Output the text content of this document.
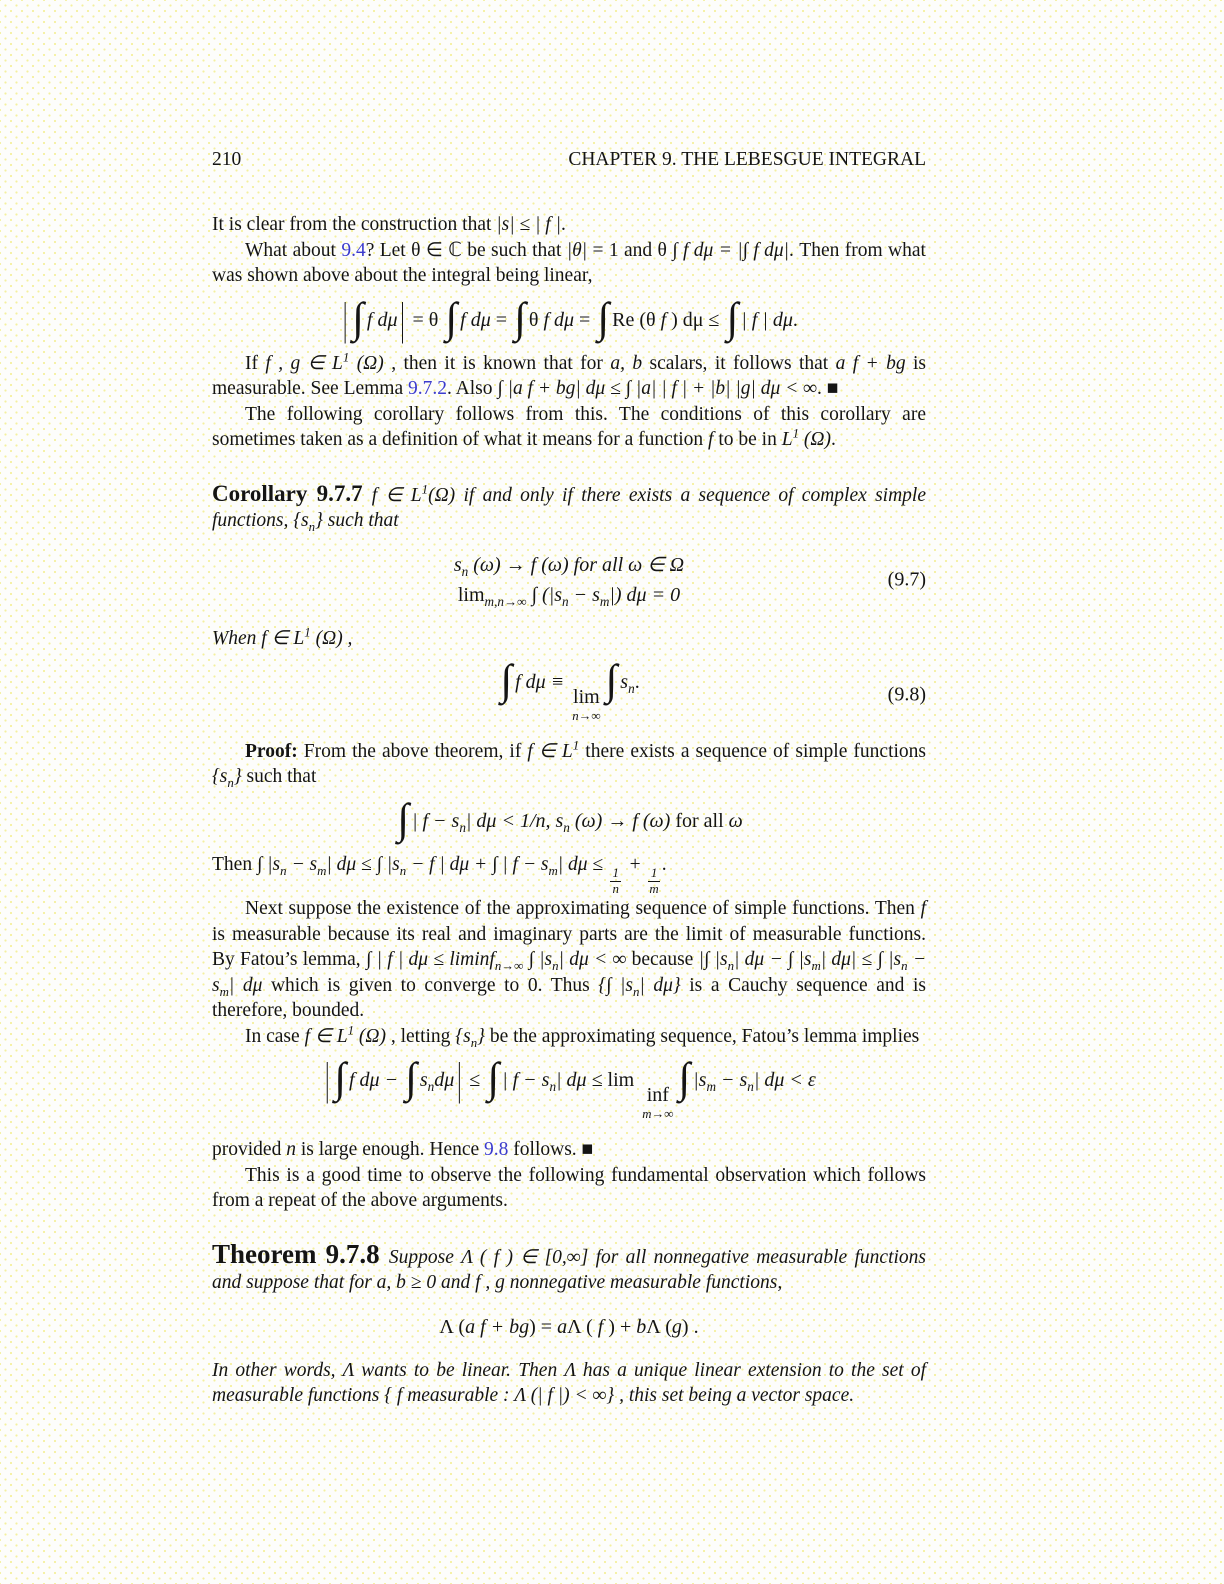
210	CHAPTER 9. THE LEBESGUE INTEGRAL
It is clear from the construction that |s| ≤ | f |.
What about 9.4? Let θ ∈ ℂ be such that |θ| = 1 and θ ∫ f dμ = |∫ f dμ|. Then from what was shown above about the integral being linear,
| ∫ f dμ | = θ ∫ f dμ = ∫ θ f dμ = ∫ Re (θ f ) dμ ≤ ∫ | f | dμ.
If f , g ∈ $L^1$ (Ω) , then it is known that for a, b scalars, it follows that a f + bg is measurable. See Lemma 9.7.2. Also ∫ |a f + bg| dμ ≤ ∫ |a| | f | + |b| |g| dμ < ∞. ■
The following corollary follows from this. The conditions of this corollary are sometimes taken as a definition of what it means for a function f to be in $L^1$ (Ω).
Corollary 9.7.7 f ∈ $L^1(\Omega)$ if and only if there exists a sequence of complex simple functions, $\{s_n\}$ such that
$s_n$ (ω) → f (ω) for all ω ∈ Ω
$\lim_{m,n\to\infty}$ ∫ $(|s_n - s_m|) d\mu = 0$
(9.7)
When f ∈ $L^1$ (Ω) ,
∫ f dμ ≡
lim
n→∞
∫ $s_n$.
(9.8)
Proof: From the above theorem, if f ∈ $L^1$ there exists a sequence of simple functions $\{s_n\}$ such that
∫ | $f - s_n|$ dμ < 1/n, $s_n$ (ω) → f (ω) for all ω
Then ∫ $|s_n - s_m|$ dμ ≤ ∫ $|s_n - f$ | dμ + ∫ | $f - s_m|$ dμ ≤
$\frac{1}{n}$
+
$\frac{1}{m}$
.
Next suppose the existence of the approximating sequence of simple functions. Then f is measurable because its real and imaginary parts are the limit of measurable functions. By Fatou’s lemma, ∫ | f | dμ ≤ liminf$_{n\to\infty}$ ∫ $|s_n|$ dμ < ∞ because |∫ $|s_n|$ dμ − ∫ $|s_m|$ dμ| ≤ ∫ $|s_n - s_m|$ dμ which is given to converge to 0. Thus {∫ $|s_n|$ dμ} is a Cauchy sequence and is therefore, bounded.
In case f ∈ $L^1$ (Ω) , letting $\{s_n\}$ be the approximating sequence, Fatou’s lemma implies
| ∫ f dμ − ∫ $s_nd\mu$ | ≤ ∫ | $f - s_n|$ dμ ≤ lim
inf
m→∞
∫ $|s_m - s_n|$ dμ < ε
provided n is large enough. Hence 9.8 follows. ■
This is a good time to observe the following fundamental observation which follows from a repeat of the above arguments.
Theorem 9.7.8 Suppose Λ ( f ) ∈ [0,∞] for all nonnegative measurable functions and suppose that for a, b ≥ 0 and f , g nonnegative measurable functions,
Λ (a f + bg) = aΛ ( f ) + bΛ (g) .
In other words, Λ wants to be linear. Then Λ has a unique linear extension to the set of measurable functions { f measurable : Λ (| f |) < ∞} , this set being a vector space.
